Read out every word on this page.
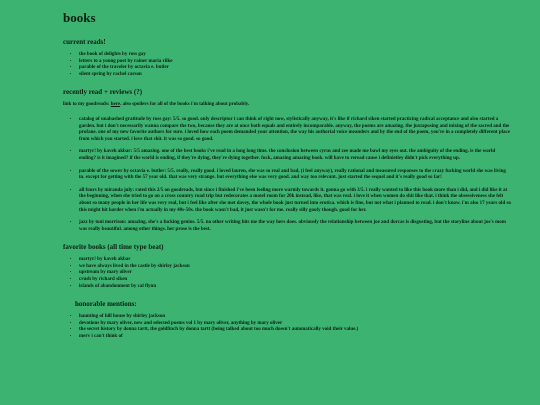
books
current reads!
• the book of delights by ross gay
• letters to a young poet by rainer maria rilke
• parable of the traveler by octavia e. butler
• silent spring by rachel carson
recently read + reviews (?)

link to my goodreads: here. also spoilers for all of the books i'm talking about probably.

• catalog of unabashed gratitude by ross gay: 5/5. so good. only descriptor i can think of right now, stylistically anyway, it's like if richard siken started practicing radical acceptance and also started a garden. but i don't necessarily wanna compare the two, because they are at once both equals and entirely incomparable. anyway, the poems are amazing. the juxtaposing and mixing of the sacred and the profane. one of my new favorite authors for sure. i loved how each poem demanded your attention, the way his authorial voice meanders and by the end of the poem, you're in a completely different place from which you started. i love that shit. it was so good. so good.
• martyr! by kaveh akbar: 5/5 amazing. one of the best books i've read in a long long time. the conclusion between cyrus and zee made me bawl my eyes out. the ambiguity of the ending. is the world ending? is it imagined? if the world is ending, if they're dying, they're dying together. fuck, amazing amazing book. will have to reread cause i definietley didn't pick everything up.
• parable of the sower by octavia e. butler: 5/5. really, really good. i loved lauren, she was so real and bad, (i feel anyway), really rational and measured responses to the crazy fucking world she was living in. except for getting with the 57 year old. that was very strange. but everything else was very good. and way too relevant. just started the sequel and it's really good so far!
• all fours by miranda july: rated this 2/5 on goodreads, but since i finished i've been feeling more warmly towards it. gonna go with 3/5. i really wanted to like this book more than i did, and i did like it at the beginning, when she tried to go on a cross country road trip but redecorates a motel room for 20k instead, like, that was real. i love it when women do shit like that. i think the obsessiveness she felt about so many people in her life was very real, but i feel like after she met davey, the whole book just turned into erotica. which is fine, but not what i planned to read. i don't know. i'm also 17 years old so this might hit harder when i'm actually in my 40s-50s. the book wasn't bad, it just wasn't for me. really silly goofy though. good for her.
• jazz by toni morrison: amazing. she's a fucking genius. 5/5. no other writing hits me the way hers does. obviously the relationship between joe and dorcas is disgusting, but the storyline about joe's mom was really beautiful. among other things. her prose is the best.
favorite books (all time type beat)
• martyr! by kaveh akbar
• we have always lived in the castle by shirley jackson
• upstream by mary oliver
• crush by richard siken
• islands of abandonment by cal flynn
honorable mentions:
• haunting of hill house by shirley jackson
• devotions by mary oliver, new and selected poems vol 1 by mary oliver, anything by mary oliver
• the secret history by donna tartt, the goldfinch by donna tartt (being talked about too much doesn't automatically void their value.)
• merv i can't think of
